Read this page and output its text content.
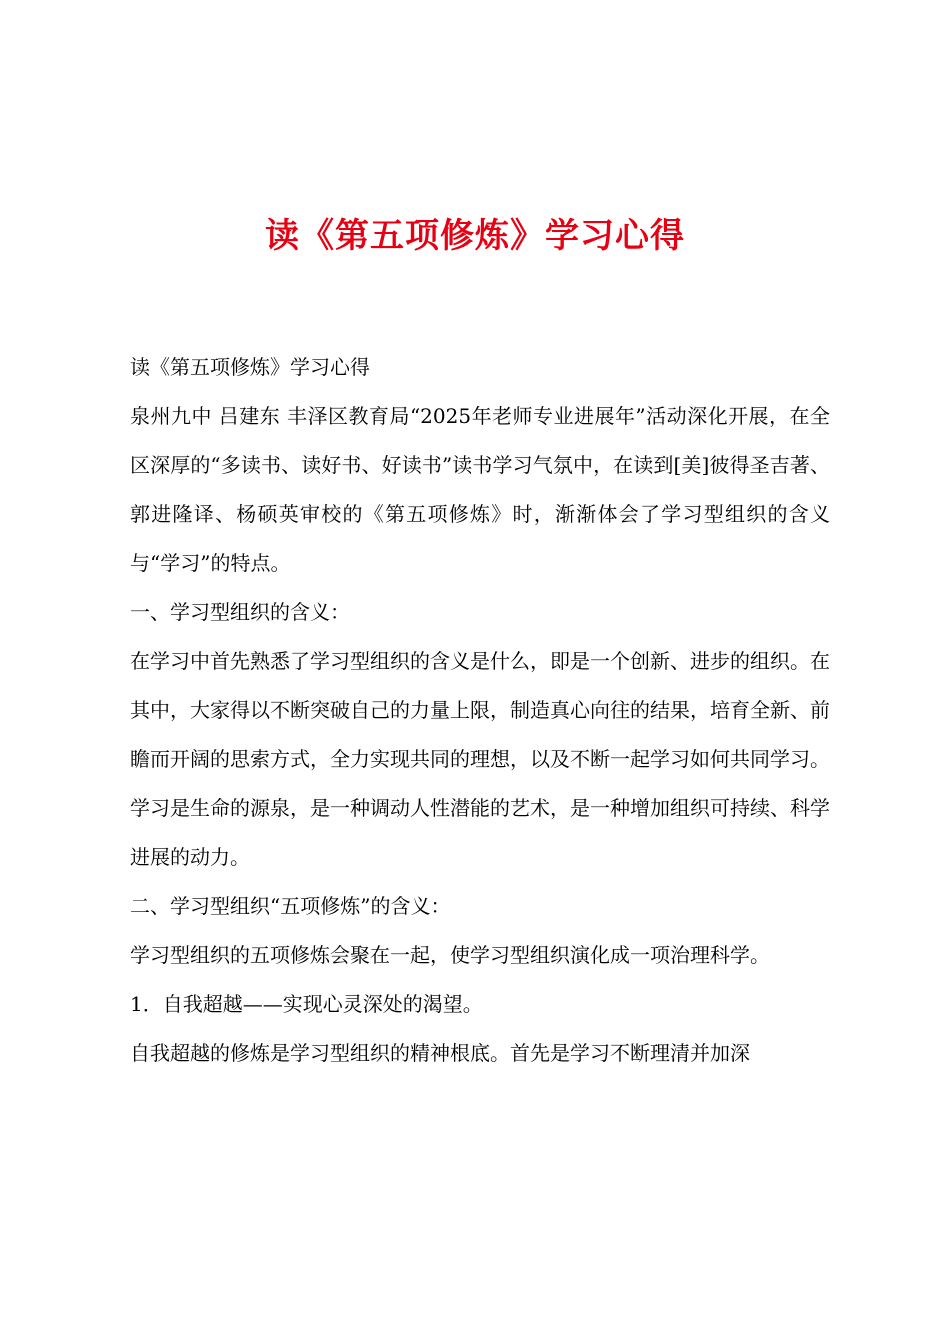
读《第五项修炼》学习心得

读《第五项修炼》学习心得

泉州九中 吕建东 丰泽区教育局“2025年老师专业进展年”活动深化开展，在全区深厚的“多读书、读好书、好读书”读书学习气氛中，在读到[美]彼得圣吉著、郭进隆译、杨硕英审校的《第五项修炼》时，渐渐体会了学习型组织的含义与“学习”的特点。

一、学习型组织的含义：

在学习中首先熟悉了学习型组织的含义是什么，即是一个创新、进步的组织。在其中，大家得以不断突破自己的力量上限，制造真心向往的结果，培育全新、前瞻而开阔的思索方式，全力实现共同的理想，以及不断一起学习如何共同学习。学习是生命的源泉，是一种调动人性潜能的艺术，是一种增加组织可持续、科学进展的动力。

二、学习型组织“五项修炼”的含义：

学习型组织的五项修炼会聚在一起，使学习型组织演化成一项治理科学。

1．自我超越——实现心灵深处的渴望。

自我超越的修炼是学习型组织的精神根底。首先是学习不断理清并加深
